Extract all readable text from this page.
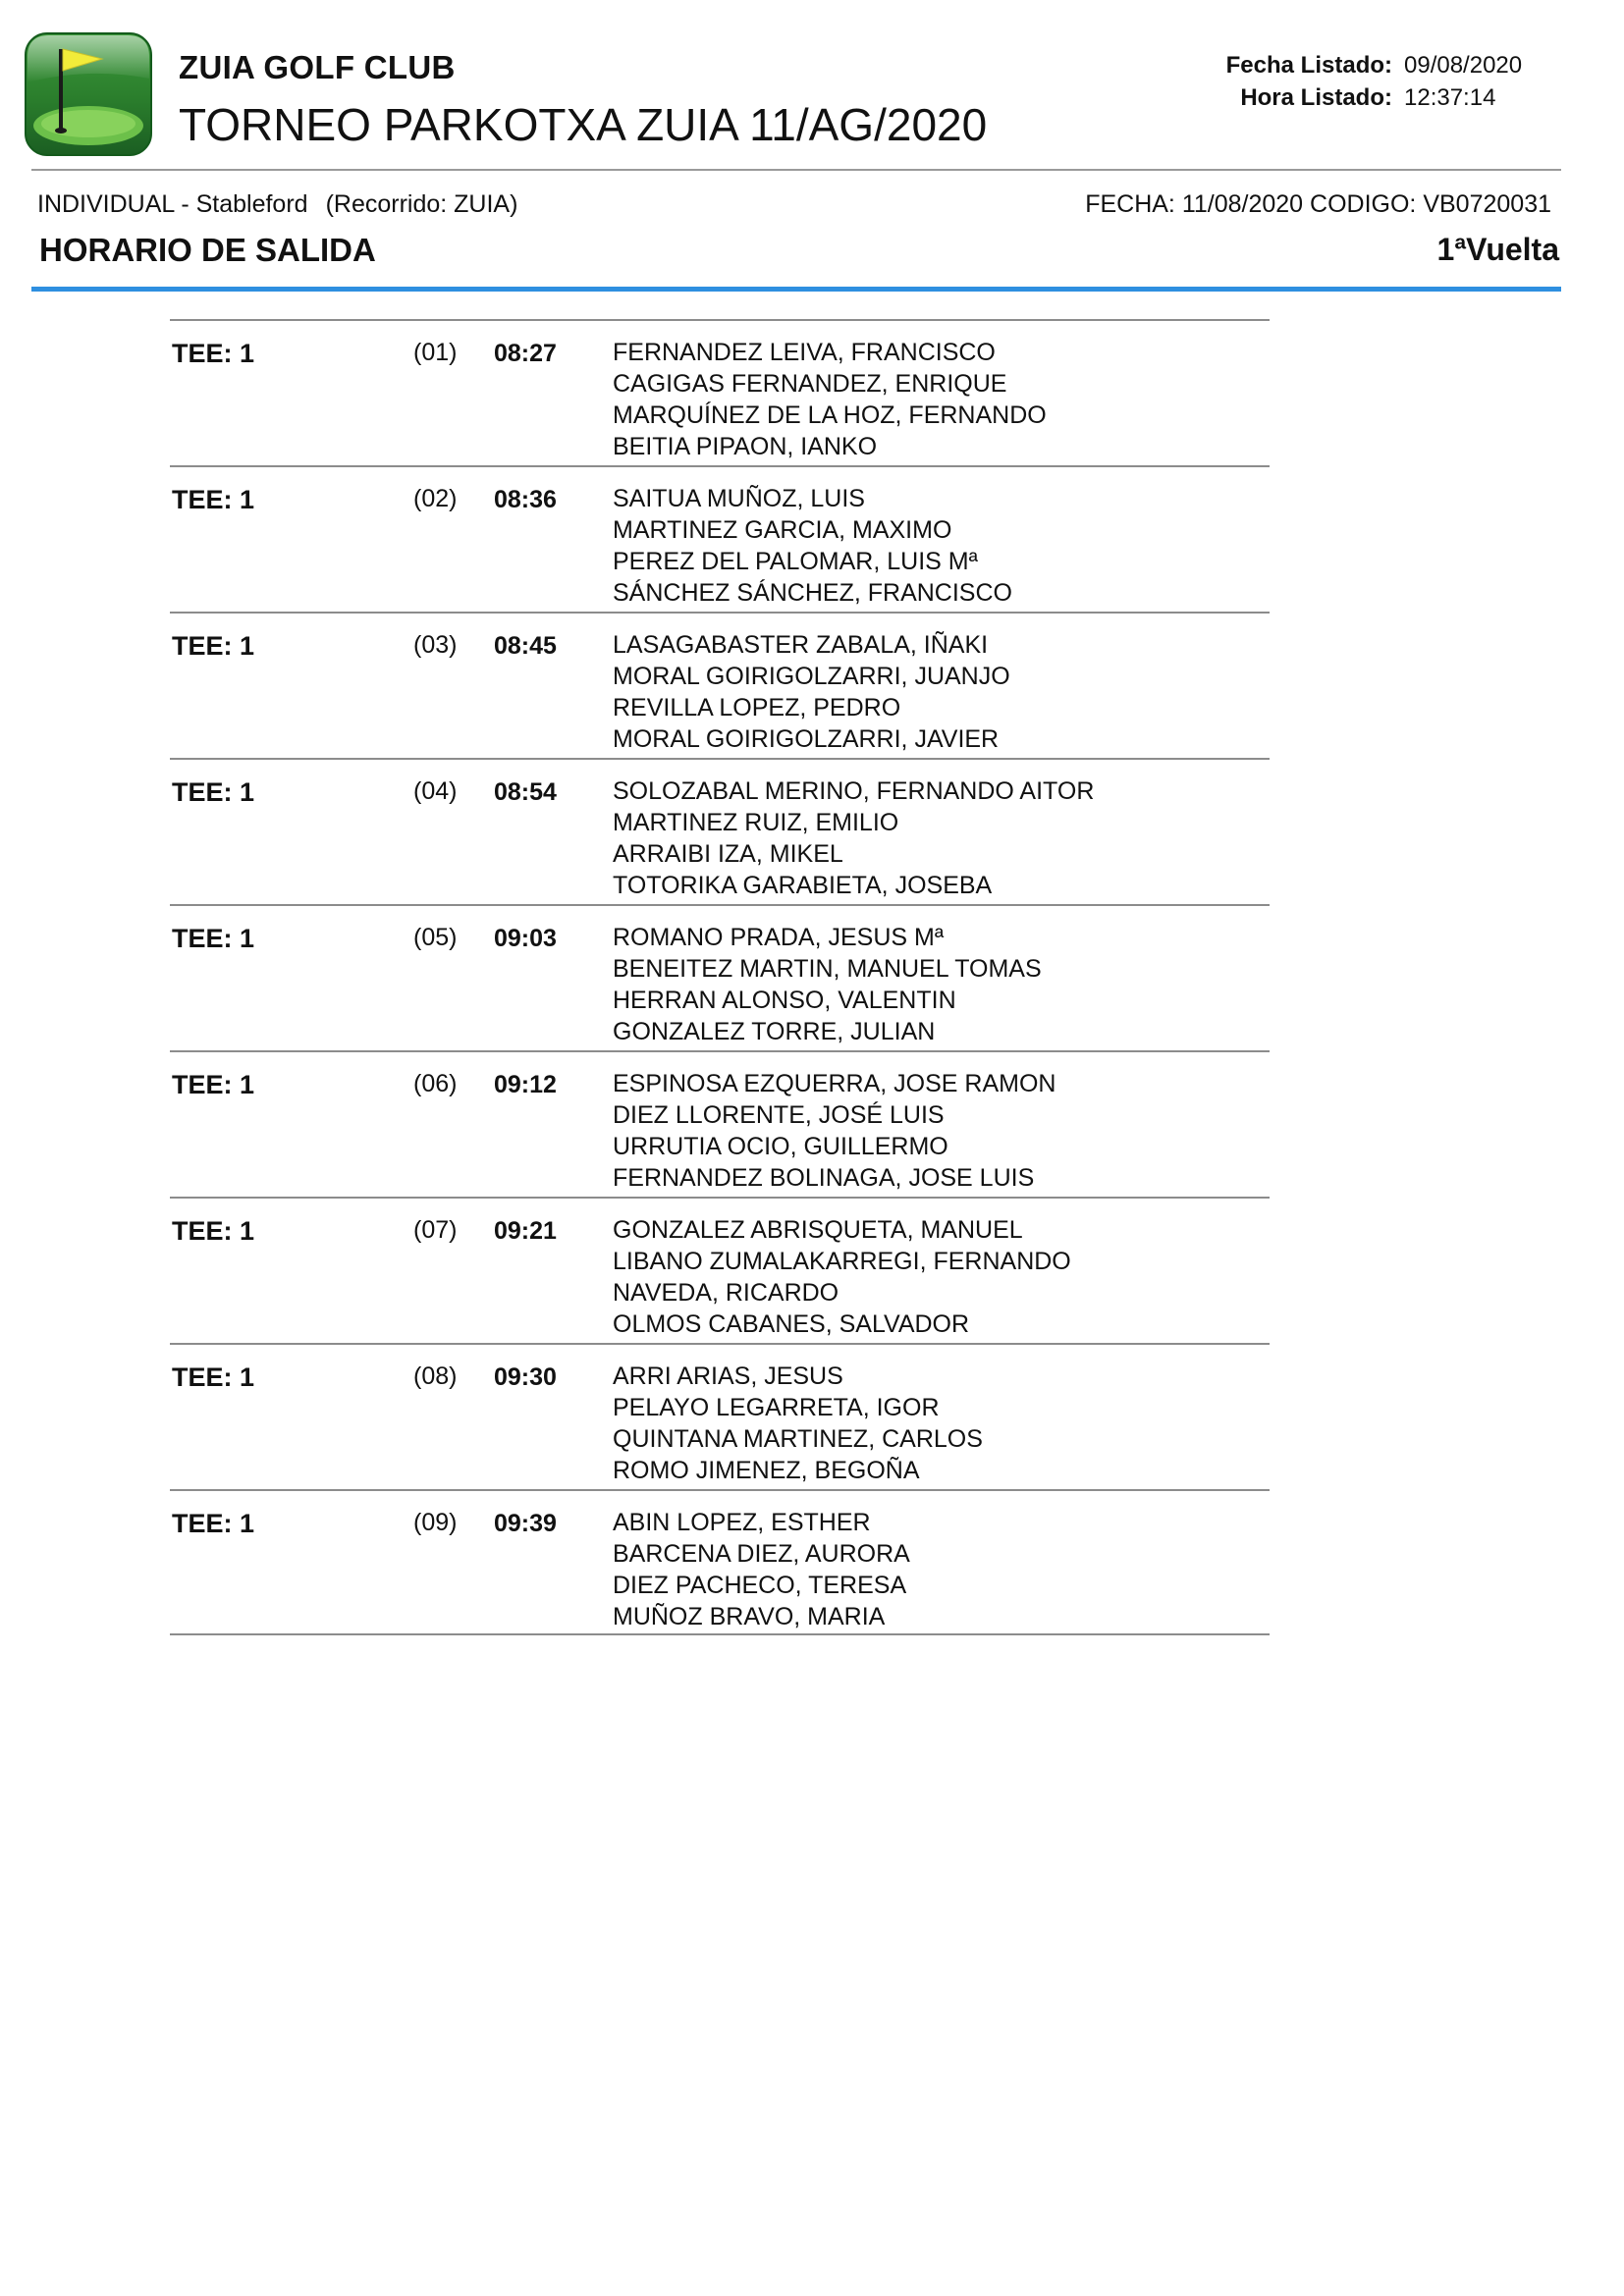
ZUIA GOLF CLUB
TORNEO PARKOTXA ZUIA 11/AG/2020
Fecha Listado: 09/08/2020
Hora Listado: 12:37:14
INDIVIDUAL - Stableford (Recorrido: ZUIA)	FECHA: 11/08/2020 CODIGO: VB0720031
HORARIO DE SALIDA	1ªVuelta
TEE: 1	(01) 08:27 FERNANDEZ LEIVA, FRANCISCO
CAGIGAS FERNANDEZ, ENRIQUE
MARQUÍNEZ DE LA HOZ, FERNANDO
BEITIA PIPAON, IANKO
TEE: 1	(02) 08:36 SAITUA MUÑOZ, LUIS
MARTINEZ GARCIA, MAXIMO
PEREZ DEL PALOMAR, LUIS Mª
SÁNCHEZ SÁNCHEZ, FRANCISCO
TEE: 1	(03) 08:45 LASAGABASTER ZABALA, IÑAKI
MORAL GOIRIGOLZARRI, JUANJO
REVILLA LOPEZ, PEDRO
MORAL GOIRIGOLZARRI, JAVIER
TEE: 1	(04) 08:54 SOLOZABAL MERINO, FERNANDO AITOR
MARTINEZ RUIZ, EMILIO
ARRAIBI IZA, MIKEL
TOTORIKA GARABIETA, JOSEBA
TEE: 1	(05) 09:03 ROMANO PRADA, JESUS Mª
BENEITEZ MARTIN, MANUEL TOMAS
HERRAN ALONSO, VALENTIN
GONZALEZ TORRE, JULIAN
TEE: 1	(06) 09:12 ESPINOSA EZQUERRA, JOSE RAMON
DIEZ LLORENTE, JOSÉ LUIS
URRUTIA OCIO, GUILLERMO
FERNANDEZ BOLINAGA, JOSE LUIS
TEE: 1	(07) 09:21 GONZALEZ ABRISQUETA, MANUEL
LIBANO ZUMALAKARREGI, FERNANDO
NAVEDA, RICARDO
OLMOS CABANES, SALVADOR
TEE: 1	(08) 09:30 ARRI ARIAS, JESUS
PELAYO LEGARRETA, IGOR
QUINTANA MARTINEZ, CARLOS
ROMO JIMENEZ, BEGOÑA
TEE: 1	(09) 09:39 ABIN LOPEZ, ESTHER
BARCENA DIEZ, AURORA
DIEZ PACHECO, TERESA
MUÑOZ BRAVO, MARIA
